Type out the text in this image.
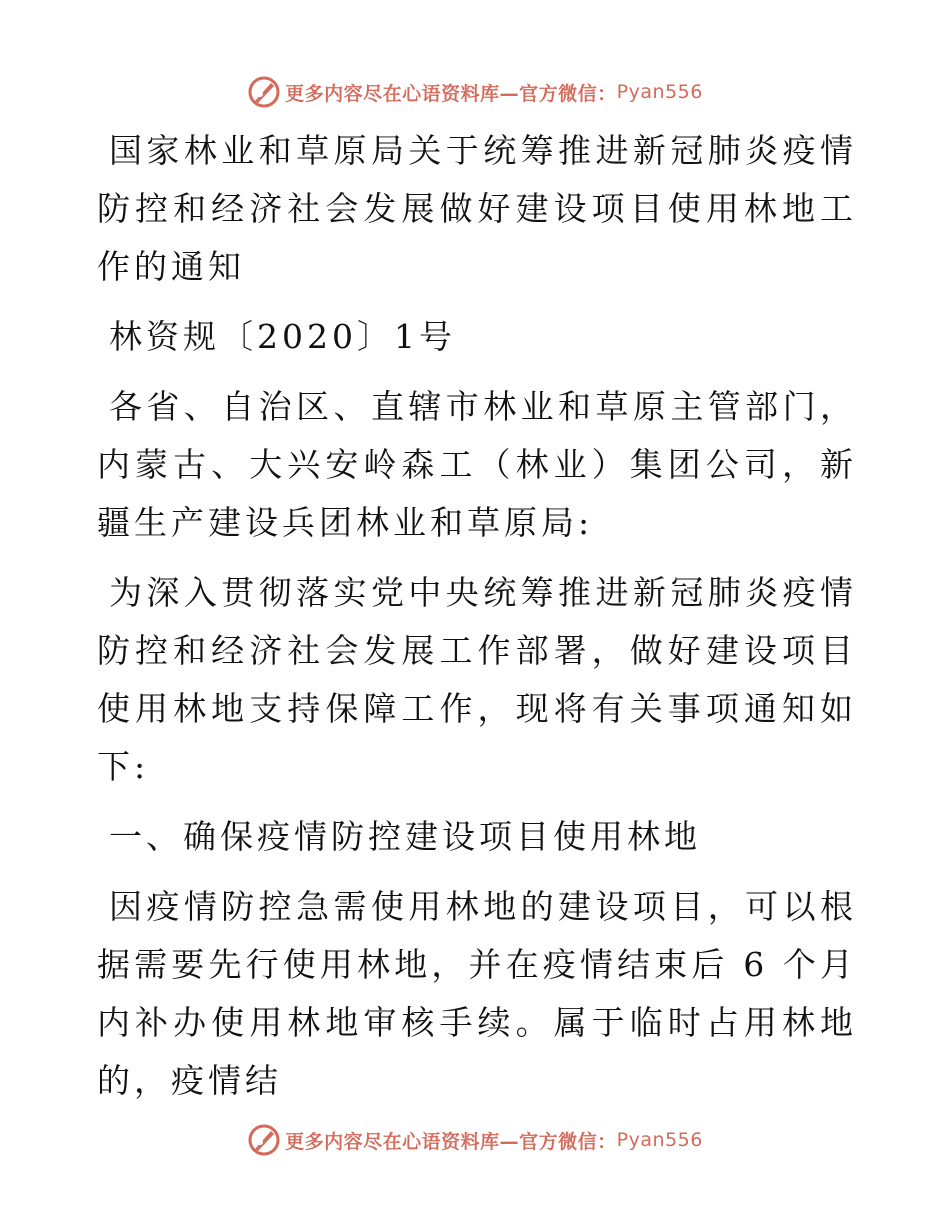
更多内容尽在心语资料库—官方微信： Pyan556

国家林业和草原局关于统筹推进新冠肺炎疫情防控和经济社会发展做好建设项目使用林地工作的通知

林资规〔2020〕1号

各省、自治区、直辖市林业和草原主管部门，内蒙古、大兴安岭森工（林业）集团公司，新疆生产建设兵团林业和草原局:

为深入贯彻落实党中央统筹推进新冠肺炎疫情防控和经济社会发展工作部署，做好建设项目使用林地支持保障工作，现将有关事项通知如下:

一、确保疫情防控建设项目使用林地

因疫情防控急需使用林地的建设项目，可以根据需要先行使用林地，并在疫情结束后 6 个月内补办使用林地审核手续。属于临时占用林地的，疫情结

更多内容尽在心语资料库—官方微信： Pyan556
